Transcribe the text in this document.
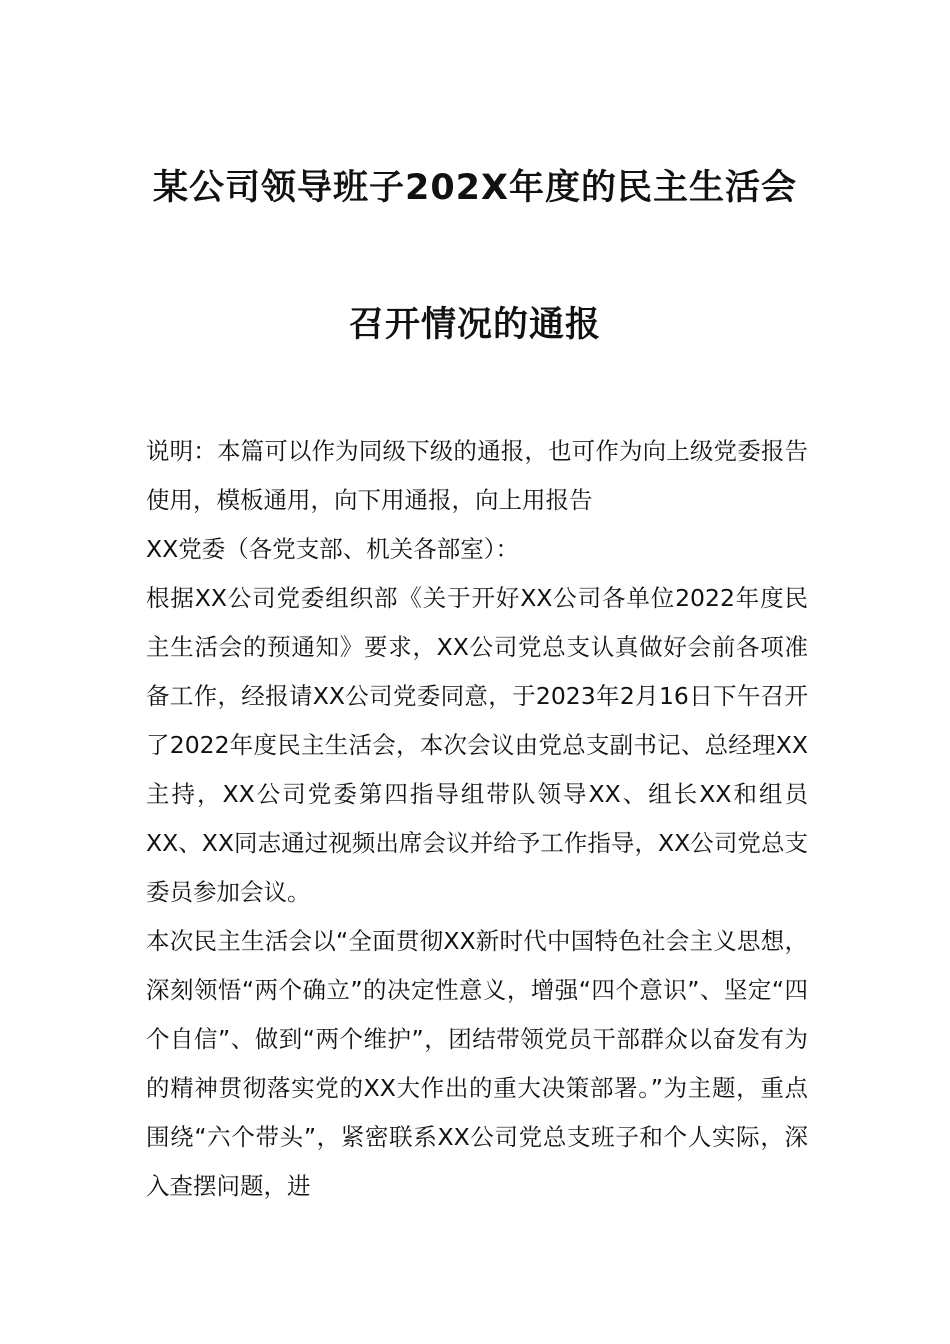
某公司领导班子202X年度的民主生活会
召开情况的通报

说明：本篇可以作为同级下级的通报，也可作为向上级党委报告使用，模板通用，向下用通报，向上用报告

XX党委（各党支部、机关各部室）：

根据XX公司党委组织部《关于开好XX公司各单位2022年度民主生活会的预通知》要求，XX公司党总支认真做好会前各项准备工作，经报请XX公司党委同意，于2023年2月16日下午召开了2022年度民主生活会，本次会议由党总支副书记、总经理XX主持，XX公司党委第四指导组带队领导XX、组长XX和组员XX、XX同志通过视频出席会议并给予工作指导，XX公司党总支委员参加会议。

本次民主生活会以“全面贯彻XX新时代中国特色社会主义思想，深刻领悟“两个确立”的决定性意义，增强“四个意识”、坚定“四个自信”、做到“两个维护”，团结带领党员干部群众以奋发有为的精神贯彻落实党的XX大作出的重大决策部署。”为主题，重点围绕“六个带头”，紧密联系XX公司党总支班子和个人实际，深入查摆问题，进
